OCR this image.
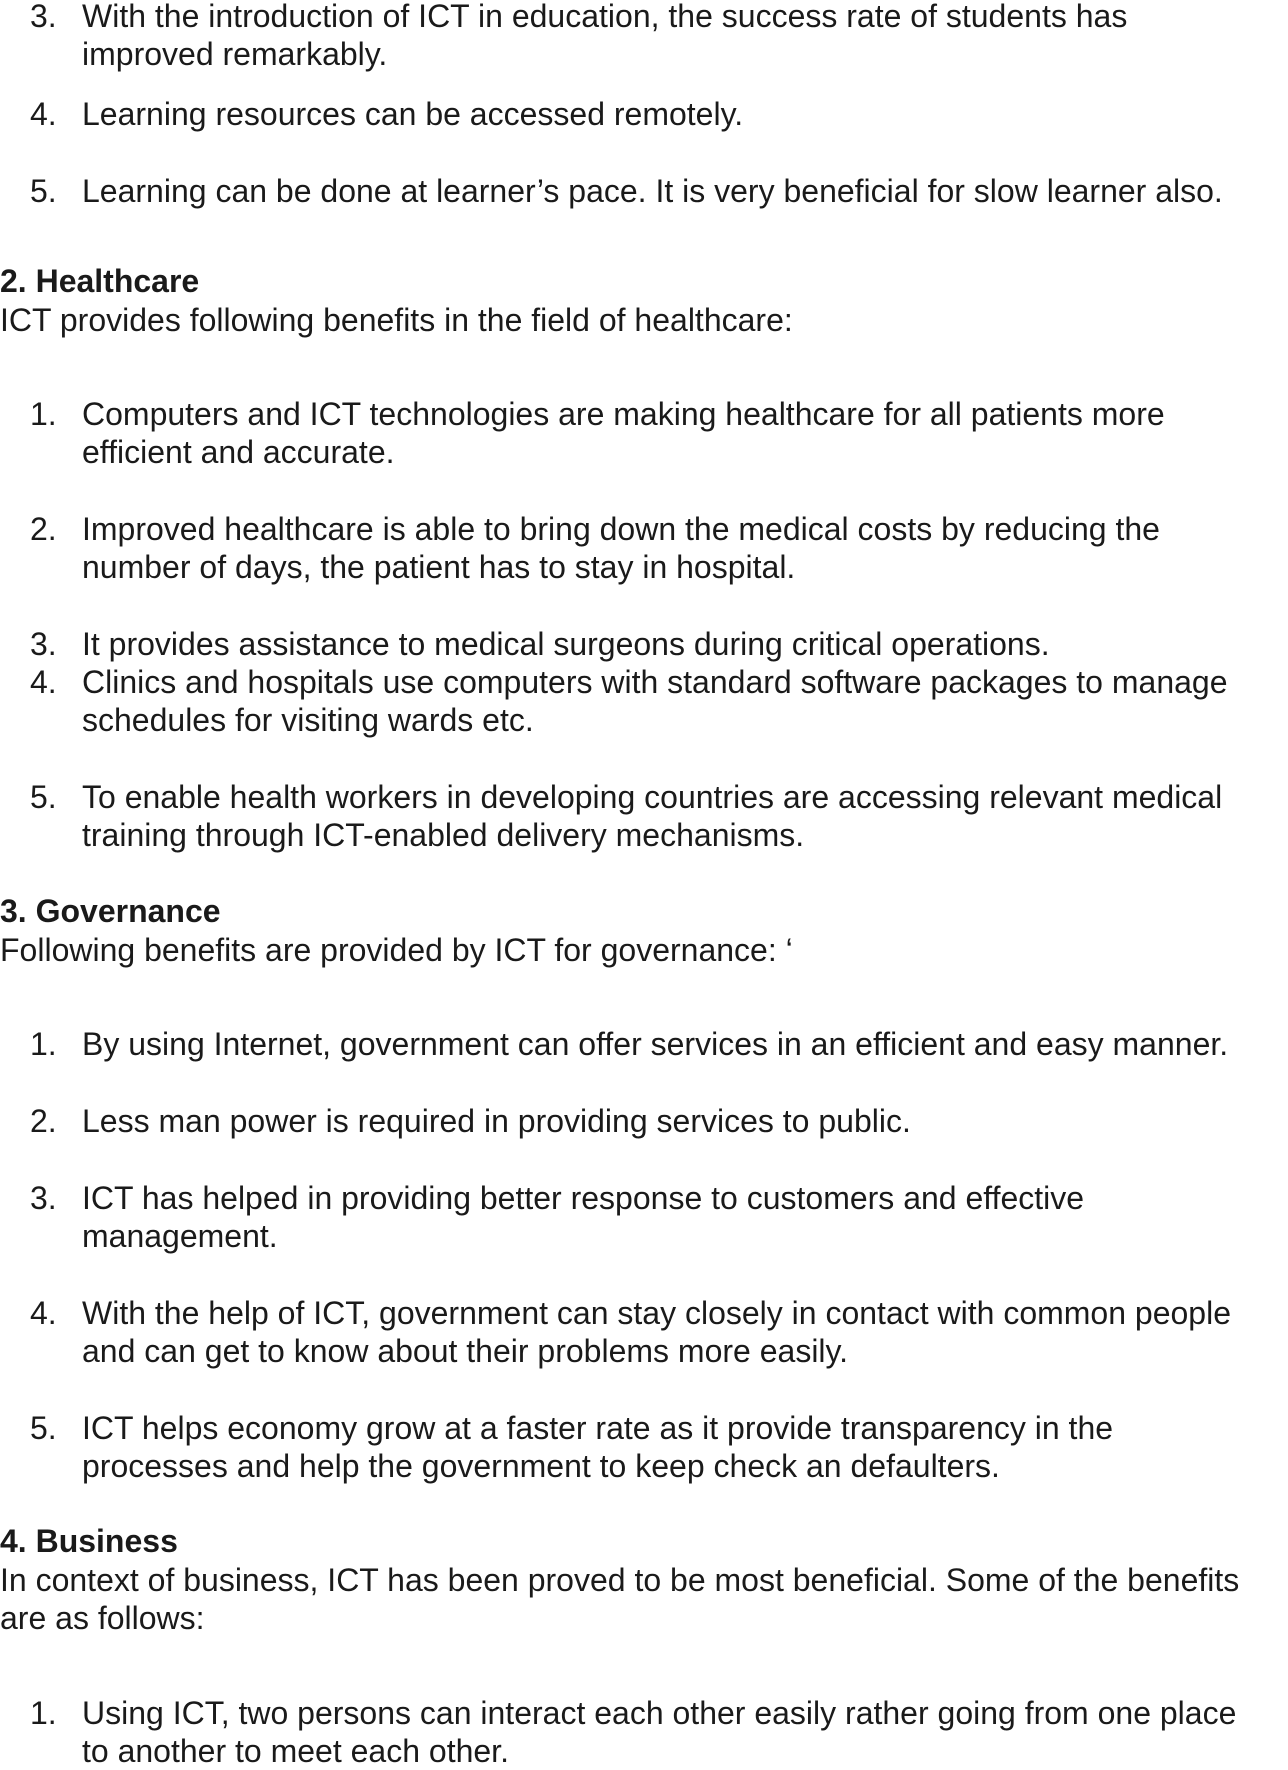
3. With the introduction of ICT in education, the success rate of students has
improved remarkably.
4. Learning resources can be accessed remotely.
5. Learning can be done at learner’s pace. It is very beneficial for slow learner also.
2. Healthcare
ICT provides following benefits in the field of healthcare:
1. Computers and ICT technologies are making healthcare for all patients more
efficient and accurate.
2. Improved healthcare is able to bring down the medical costs by reducing the
number of days, the patient has to stay in hospital.
3. It provides assistance to medical surgeons during critical operations.
4. Clinics and hospitals use computers with standard software packages to manage
schedules for visiting wards etc.
5. To enable health workers in developing countries are accessing relevant medical
training through ICT-enabled delivery mechanisms.
3. Governance
Following benefits are provided by ICT for governance: ‘
1. By using Internet, government can offer services in an efficient and easy manner.
2. Less man power is required in providing services to public.
3. ICT has helped in providing better response to customers and effective
management.
4. With the help of ICT, government can stay closely in contact with common people
and can get to know about their problems more easily.
5. ICT helps economy grow at a faster rate as it provide transparency in the
processes and help the government to keep check an defaulters.
4. Business
In context of business, ICT has been proved to be most beneficial. Some of the benefits
are as follows:
1. Using ICT, two persons can interact each other easily rather going from one place
to another to meet each other.
